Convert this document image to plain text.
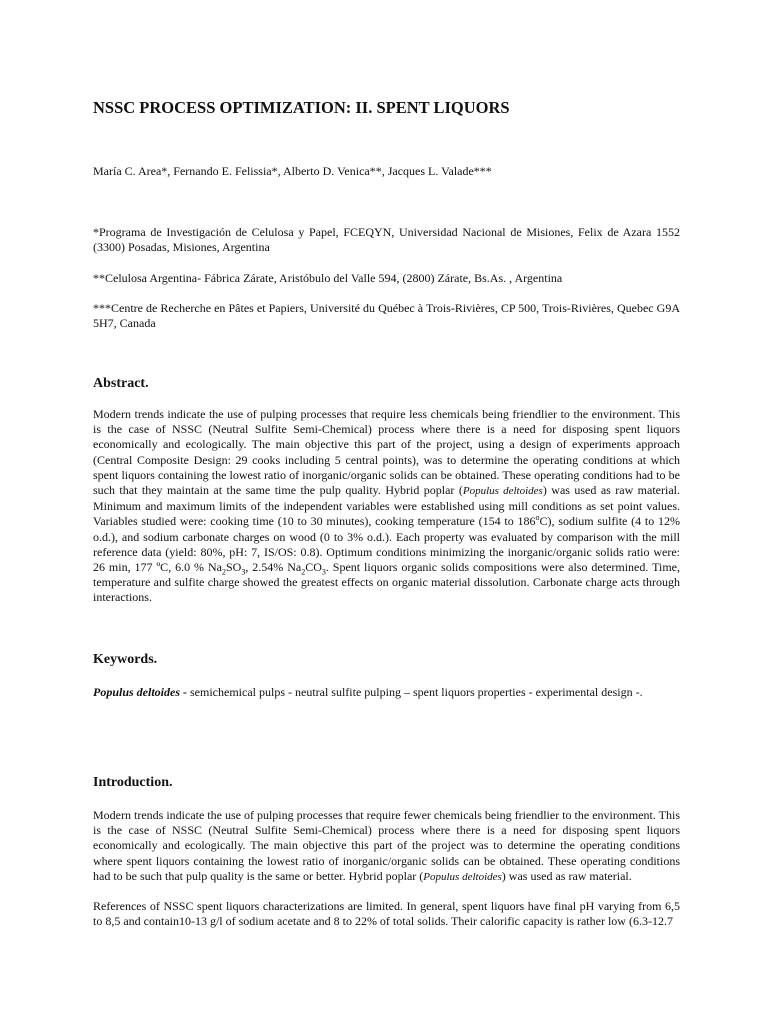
NSSC PROCESS OPTIMIZATION: II. SPENT LIQUORS

María C. Area*, Fernando E. Felissia*, Alberto D. Venica**, Jacques L. Valade***

*Programa de Investigación de Celulosa y Papel, FCEQYN, Universidad Nacional de Misiones, Felix de Azara 1552 (3300) Posadas, Misiones, Argentina

**Celulosa Argentina- Fábrica Zárate, Aristóbulo del Valle 594, (2800) Zárate, Bs.As. , Argentina

***Centre de Recherche en Pâtes et Papiers, Université du Québec à Trois-Rivières, CP 500, Trois-Rivières, Quebec G9A 5H7, Canada

Abstract.

Modern trends indicate the use of pulping processes that require less chemicals being friendlier to the environment. This is the case of NSSC (Neutral Sulfite Semi-Chemical) process where there is a need for disposing spent liquors economically and ecologically. The main objective this part of the project, using a design of experiments approach (Central Composite Design: 29 cooks including 5 central points), was to determine the operating conditions at which spent liquors containing the lowest ratio of inorganic/organic solids can be obtained. These operating conditions had to be such that they maintain at the same time the pulp quality. Hybrid poplar (Populus deltoides) was used as raw material. Minimum and maximum limits of the independent variables were established using mill conditions as set point values. Variables studied were: cooking time (10 to 30 minutes), cooking temperature (154 to 186$^o$C), sodium sulfite (4 to 12% o.d.), and sodium carbonate charges on wood (0 to 3% o.d.). Each property was evaluated by comparison with the mill reference data (yield: 80%, pH: 7, IS/OS: 0.8). Optimum conditions minimizing the inorganic/organic solids ratio were: 26 min, 177 ºC, 6.0 % $Na_2SO_3$, 2.54% $Na_2CO_3$. Spent liquors organic solids compositions were also determined. Time, temperature and sulfite charge showed the greatest effects on organic material dissolution. Carbonate charge acts through interactions.

Keywords.

Populus deltoides - semichemical pulps - neutral sulfite pulping – spent liquors properties - experimental design -.

Introduction.

Modern trends indicate the use of pulping processes that require fewer chemicals being friendlier to the environment. This is the case of NSSC (Neutral Sulfite Semi-Chemical) process where there is a need for disposing spent liquors economically and ecologically. The main objective this part of the project was to determine the operating conditions where spent liquors containing the lowest ratio of inorganic/organic solids can be obtained. These operating conditions had to be such that pulp quality is the same or better. Hybrid poplar (Populus deltoides) was used as raw material.

References of NSSC spent liquors characterizations are limited. In general, spent liquors have final pH varying from 6,5 to 8,5 and contain10-13 g/l of sodium acetate and 8 to 22% of total solids. Their calorific capacity is rather low (6.3-12.7
